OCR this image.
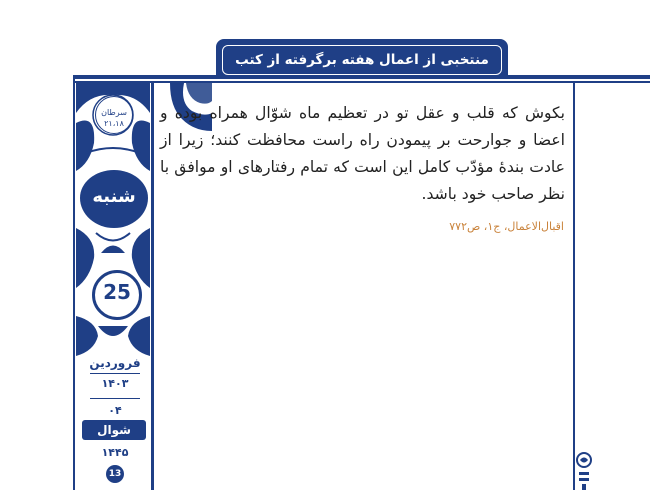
منتخبی از اعمال هفته برگرفته از کتب ادعیه
سرطان
۲۱،۱۸
شنبه
25
فروردین
۱۴۰۳
۰۴
شوال
۱۴۴۵
13
بکوش که قلب و عقل تو در تعظیم ماه شوّال همراه بوده و اعضا و جوارحت بر پیمودن راه راست محافظت کنند؛ زیرا از عادت بندهٔ مؤدّب کامل این است که تمام رفتارهای او موافق با نظر صاحب خود باشد.
اقبال‌الاعمال، ج۱، ص۷۷۲
